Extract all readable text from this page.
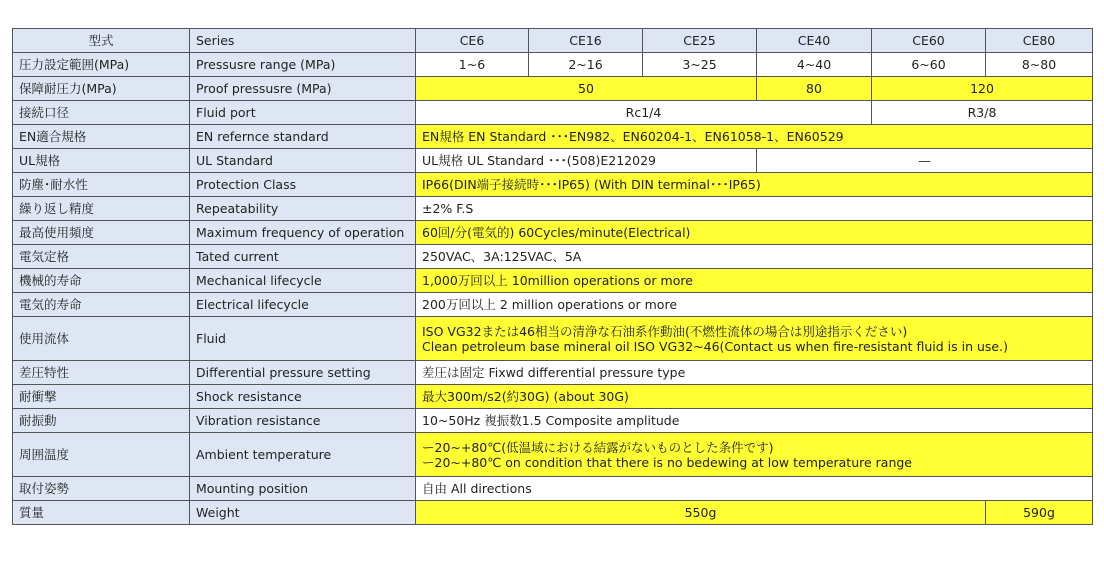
型式	Series	CE6	CE16	CE25	CE40	CE60	CE80
圧力設定範囲(MPa)	Pressusre range (MPa)	1~6	2~16	3~25	4~40	6~60	8~80
保障耐圧力(MPa)	Proof pressusre (MPa)	50			80	120	
接続口径	Fluid port	Rc1/4				R3/8	
EN適合規格	EN refernce standard	EN規格 EN Standard ･･･EN982、EN60204-1、EN61058-1、EN60529					
UL規格	UL Standard	UL規格 UL Standard ･･･(508)E212029			—		
防塵･耐水性	Protection Class	IP66(DIN端子接続時･･･IP65) (With DIN terminal･･･IP65)					
繰り返し精度	Repeatability	±2% F.S					
最高使用頻度	Maximum frequency of operation	60回/分(電気的) 60Cycles/minute(Electrical)					
電気定格	Tated current	250VAC、3A:125VAC、5A					
機械的寿命	Mechanical lifecycle	1,000万回以上 10million operations or more					
電気的寿命	Electrical lifecycle	200万回以上 2 million operations or more					
使用流体	Fluid	ISO VG32または46相当の清浄な石油系作動油(不燃性流体の場合は別途指示ください)
Clean petroleum base mineral oil ISO VG32~46(Contact us when fire-resistant fluid is in use.)					

差圧特性	Differential pressure setting	差圧は固定 Fixwd differential pressure type					
耐衝撃	Shock resistance	最大300m/s2(約30G) (about 30G)					
耐振動	Vibration resistance	10~50Hz 複振数1.5 Composite amplitude					
周囲温度	Ambient temperature	ー20~+80℃(低温域における結露がないものとした条件です)
ー20~+80℃ on condition that there is no bedewing at low temperature range					

取付姿勢	Mounting position	自由 All directions					
質量	Weight	550g					590g
